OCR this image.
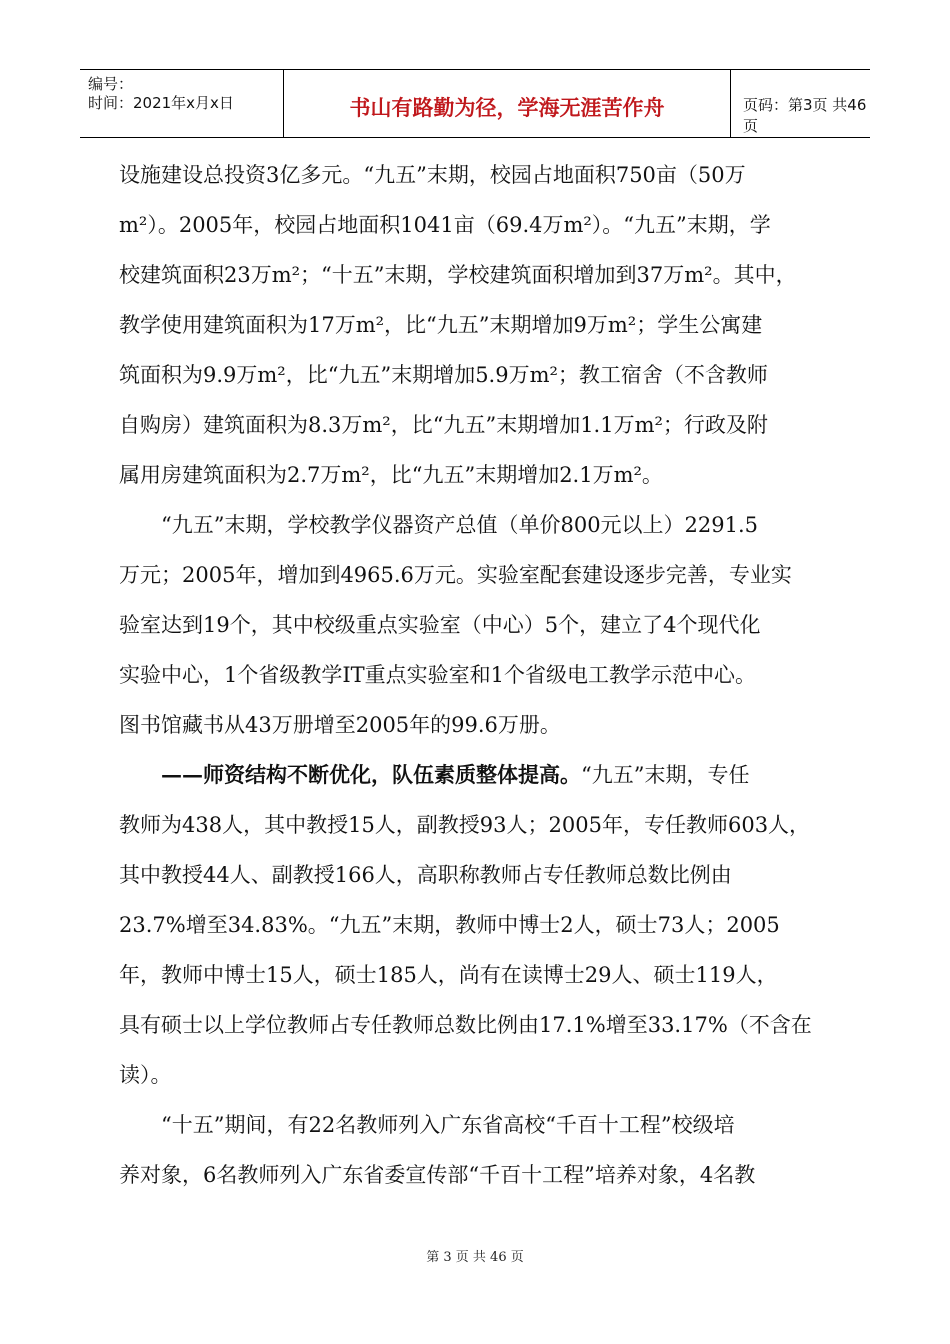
编号：
时间：2021年x月x日	书山有路勤为径，学海无涯苦作舟	页码：第3页 共46页
设施建设总投资3亿多元。“九五”末期，校园占地面积750亩（50万
m²）。2005年，校园占地面积1041亩（69.4万m²）。“九五”末期，学
校建筑面积23万m²；“十五”末期，学校建筑面积增加到37万m²。其中，
教学使用建筑面积为17万m²，比“九五”末期增加9万m²；学生公寓建
筑面积为9.9万m²，比“九五”末期增加5.9万m²；教工宿舍（不含教师
自购房）建筑面积为8.3万m²，比“九五”末期增加1.1万m²；行政及附
属用房建筑面积为2.7万m²，比“九五”末期增加2.1万m²。
“九五”末期，学校教学仪器资产总值（单价800元以上）2291.5
万元；2005年，增加到4965.6万元。实验室配套建设逐步完善，专业实
验室达到19个，其中校级重点实验室（中心）5个，建立了4个现代化
实验中心，1个省级教学IT重点实验室和1个省级电工教学示范中心。
图书馆藏书从43万册增至2005年的99.6万册。
——师资结构不断优化，队伍素质整体提高。“九五”末期，专任
教师为438人，其中教授15人，副教授93人；2005年，专任教师603人，
其中教授44人、副教授166人，高职称教师占专任教师总数比例由
23.7%增至34.83%。“九五”末期，教师中博士2人，硕士73人；2005
年，教师中博士15人，硕士185人，尚有在读博士29人、硕士119人，
具有硕士以上学位教师占专任教师总数比例由17.1%增至33.17%（不含在
读）。
“十五”期间，有22名教师列入广东省高校“千百十工程”校级培
养对象，6名教师列入广东省委宣传部“千百十工程”培养对象，4名教
第 3 页 共 46 页
